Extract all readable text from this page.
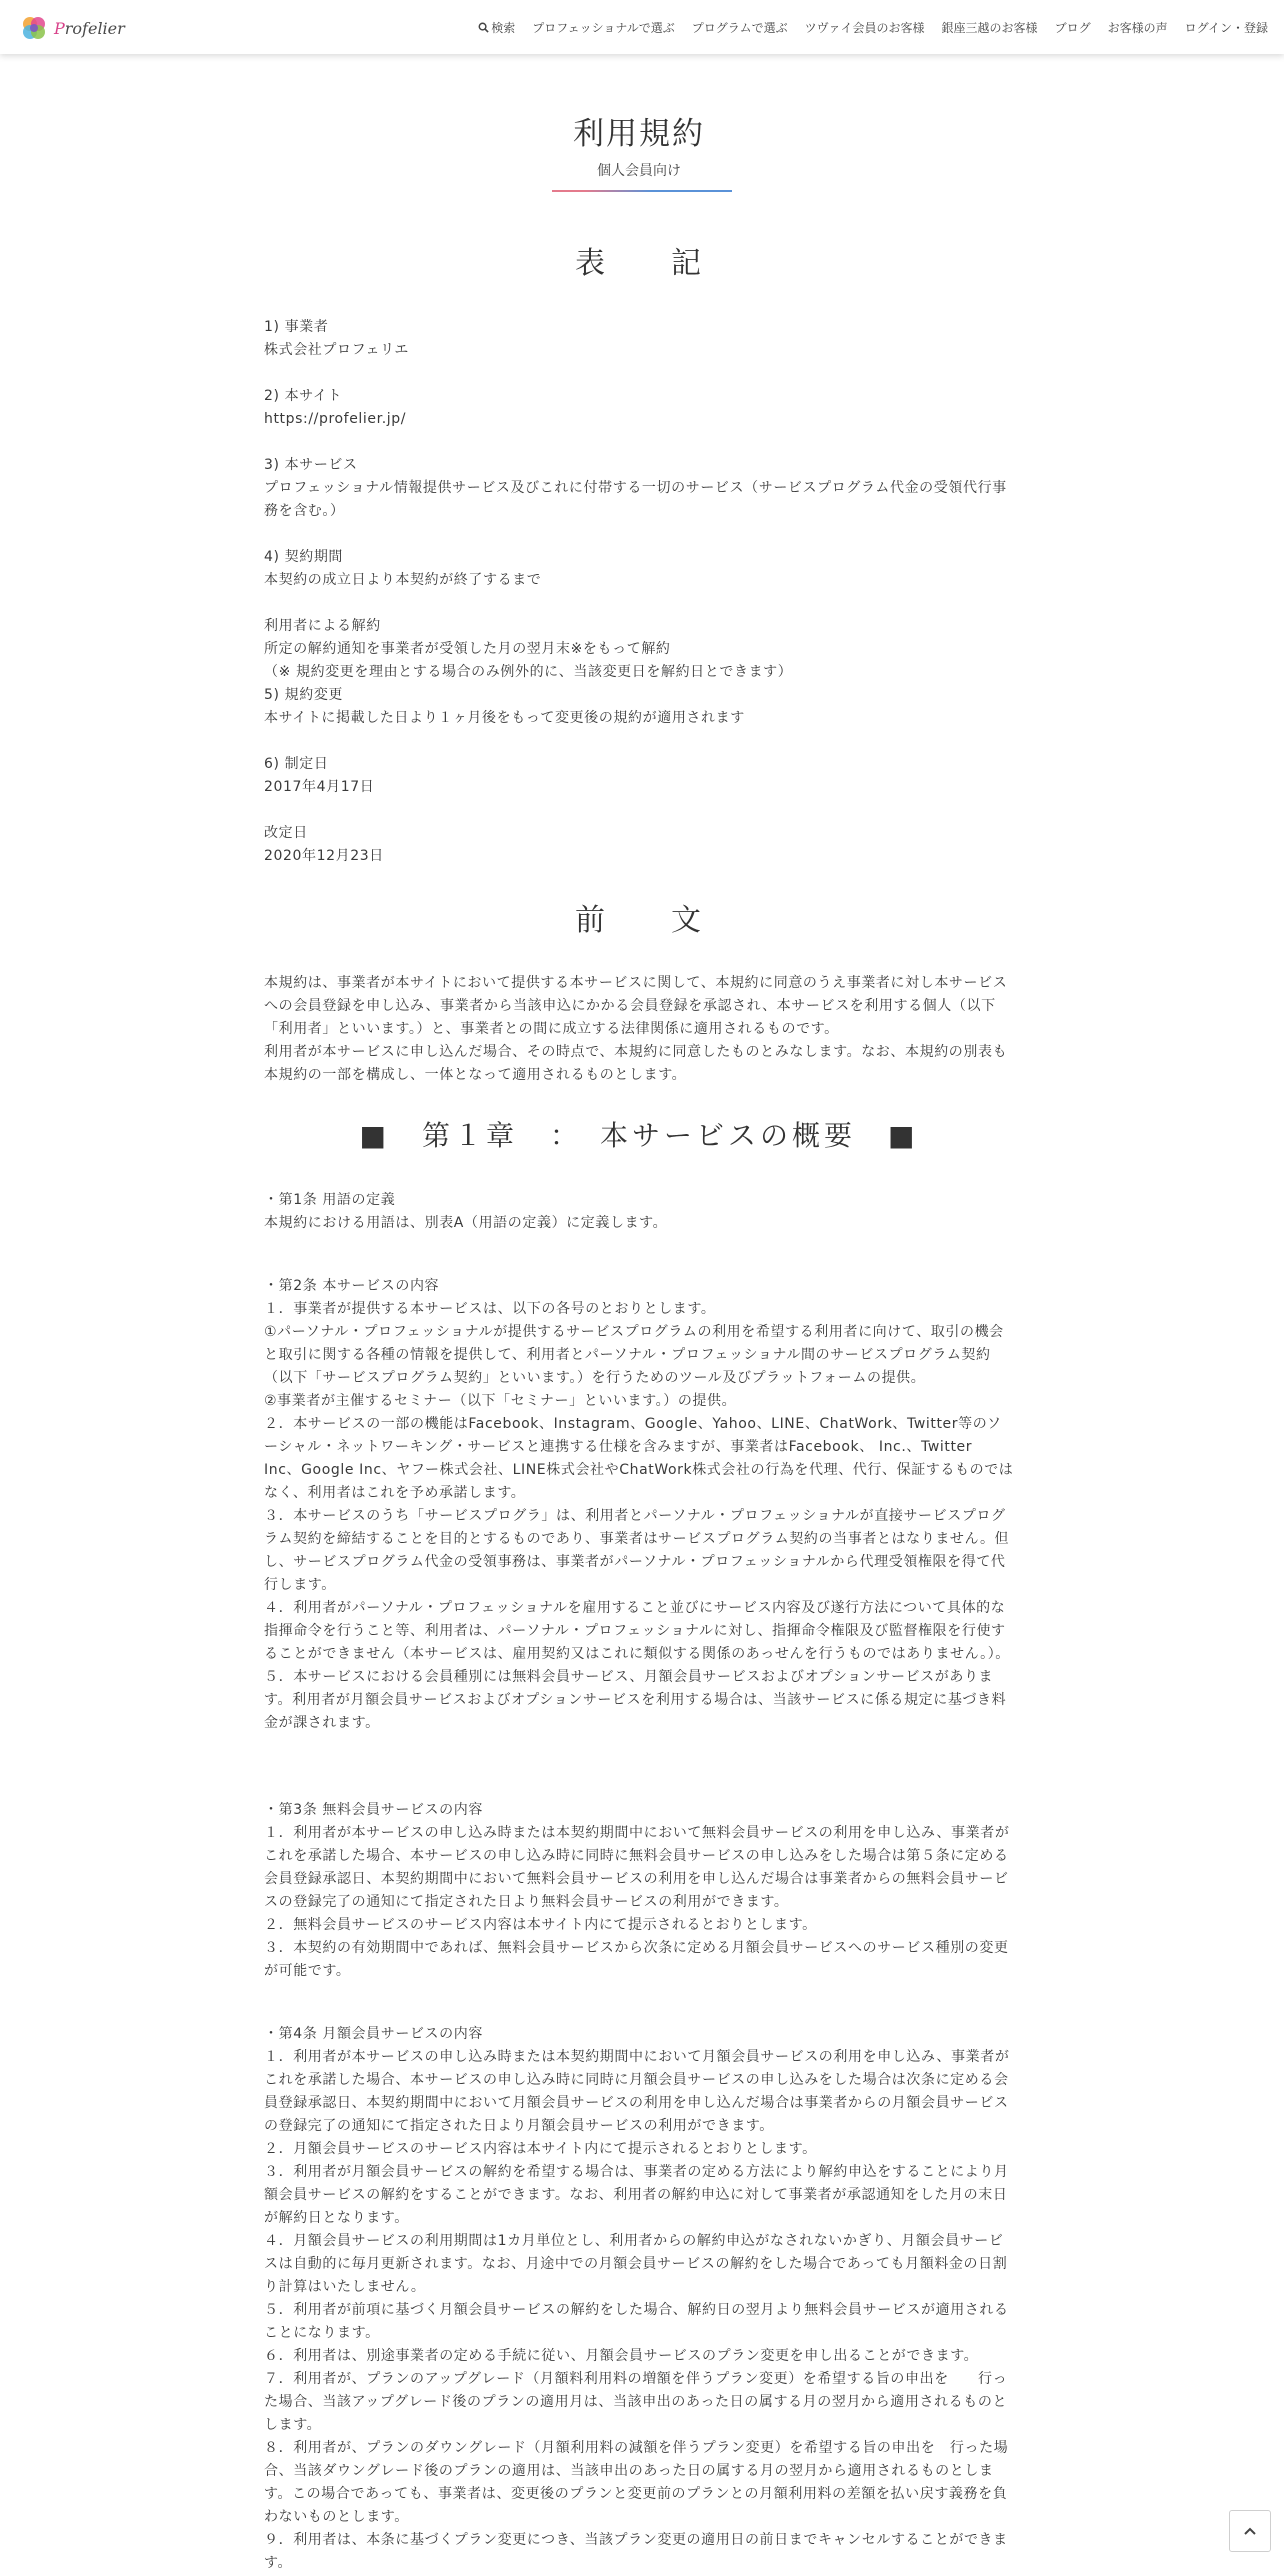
Profelier	検索 プロフェッショナルで選ぶ プログラムで選ぶ ツヴァイ会員のお客様 銀座三越のお客様 ブログ お客様の声 ログイン・登録
利用規約
個人会員向け
表　　記

1) 事業者

株式会社プロフェリエ

2) 本サイト

https://profelier.jp/

3) 本サービス

プロフェッショナル情報提供サービス及びこれに付帯する一切のサービス（サービスプログラム代金の受領代行事務を含む。）

4) 契約期間

本契約の成立日より本契約が終了するまで

利用者による解約

所定の解約通知を事業者が受領した月の翌月末※をもって解約

（※ 規約変更を理由とする場合のみ例外的に、当該変更日を解約日とできます）

5) 規約変更

本サイトに掲載した日より１ヶ月後をもって変更後の規約が適用されます

6) 制定日

2017年4月17日

改定日

2020年12月23日

前　　文

本規約は、事業者が本サイトにおいて提供する本サービスに関して、本規約に同意のうえ事業者に対し本サービスへの会員登録を申し込み、事業者から当該申込にかかる会員登録を承認され、本サービスを利用する個人（以下「利用者」といいます。）と、事業者との間に成立する法律関係に適用されるものです。

利用者が本サービスに申し込んだ場合、その時点で、本規約に同意したものとみなします。なお、本規約の別表も本規約の一部を構成し、一体となって適用されるものとします。

■　第１章　：　本サービスの概要　■

・第1条 用語の定義

本規約における用語は、別表A（用語の定義）に定義します。

・第2条 本サービスの内容

１．事業者が提供する本サービスは、以下の各号のとおりとします。

①パーソナル・プロフェッショナルが提供するサービスプログラムの利用を希望する利用者に向けて、取引の機会と取引に関する各種の情報を提供して、利用者とパーソナル・プロフェッショナル間のサービスプログラム契約（以下「サービスプログラム契約」といいます。）を行うためのツール及びプラットフォームの提供。

②事業者が主催するセミナー（以下「セミナー」といいます。）の提供。

２．本サービスの一部の機能はFacebook、Instagram、Google、Yahoo、LINE、ChatWork、Twitter等のソーシャル・ネットワーキング・サービスと連携する仕様を含みますが、事業者はFacebook、 Inc.、Twitter Inc、Google Inc、ヤフー株式会社、LINE株式会社やChatWork株式会社の行為を代理、代行、保証するものではなく、利用者はこれを予め承諾します。

３．本サービスのうち「サービスプログラ」は、利用者とパーソナル・プロフェッショナルが直接サービスプログラム契約を締結することを目的とするものであり、事業者はサービスプログラム契約の当事者とはなりません。但し、サービスプログラム代金の受領事務は、事業者がパーソナル・プロフェッショナルから代理受領権限を得て代行します。

４．利用者がパーソナル・プロフェッショナルを雇用すること並びにサービス内容及び遂行方法について具体的な指揮命令を行うこと等、利用者は、パーソナル・プロフェッショナルに対し、指揮命令権限及び監督権限を行使することができません（本サービスは、雇用契約又はこれに類似する関係のあっせんを行うものではありません。）。

５．本サービスにおける会員種別には無料会員サービス、月額会員サービスおよびオプションサービスがあります。利用者が月額会員サービスおよびオプションサービスを利用する場合は、当該サービスに係る規定に基づき料金が課されます。

・第3条 無料会員サービスの内容

１．利用者が本サービスの申し込み時または本契約期間中において無料会員サービスの利用を申し込み、事業者がこれを承諾した場合、本サービスの申し込み時に同時に無料会員サービスの申し込みをした場合は第５条に定める会員登録承認日、本契約期間中において無料会員サービスの利用を申し込んだ場合は事業者からの無料会員サービスの登録完了の通知にて指定された日より無料会員サービスの利用ができます。

２．無料会員サービスのサービス内容は本サイト内にて提示されるとおりとします。

３．本契約の有効期間中であれば、無料会員サービスから次条に定める月額会員サービスへのサービス種別の変更が可能です。

・第4条 月額会員サービスの内容

１．利用者が本サービスの申し込み時または本契約期間中において月額会員サービスの利用を申し込み、事業者がこれを承諾した場合、本サービスの申し込み時に同時に月額会員サービスの申し込みをした場合は次条に定める会員登録承認日、本契約期間中において月額会員サービスの利用を申し込んだ場合は事業者からの月額会員サービスの登録完了の通知にて指定された日より月額会員サービスの利用ができます。

２．月額会員サービスのサービス内容は本サイト内にて提示されるとおりとします。

３．利用者が月額会員サービスの解約を希望する場合は、事業者の定める方法により解約申込をすることにより月額会員サービスの解約をすることができます。なお、利用者の解約申込に対して事業者が承認通知をした月の末日が解約日となります。

４．月額会員サービスの利用期間は1カ月単位とし、利用者からの解約申込がなされないかぎり、月額会員サービスは自動的に毎月更新されます。なお、月途中での月額会員サービスの解約をした場合であっても月額料金の日割り計算はいたしません。

５．利用者が前項に基づく月額会員サービスの解約をした場合、解約日の翌月より無料会員サービスが適用されることになります。

６．利用者は、別途事業者の定める手続に従い、月額会員サービスのプラン変更を申し出ることができます。

７．利用者が、プランのアップグレード（月額料利用料の増額を伴うプラン変更）を希望する旨の申出を　　行った場合、当該アップグレード後のプランの適用月は、当該申出のあった日の属する月の翌月から適用されるものとします。

８．利用者が、プランのダウングレード（月額利用料の減額を伴うプラン変更）を希望する旨の申出を　行った場合、当該ダウングレード後のプランの適用は、当該申出のあった日の属する月の翌月から適用されるものとします。この場合であっても、事業者は、変更後のプランと変更前のプランとの月額利用料の差額を払い戻す義務を負わないものとします。

９．利用者は、本条に基づくプラン変更につき、当該プラン変更の適用日の前日までキャンセルすることができます。
